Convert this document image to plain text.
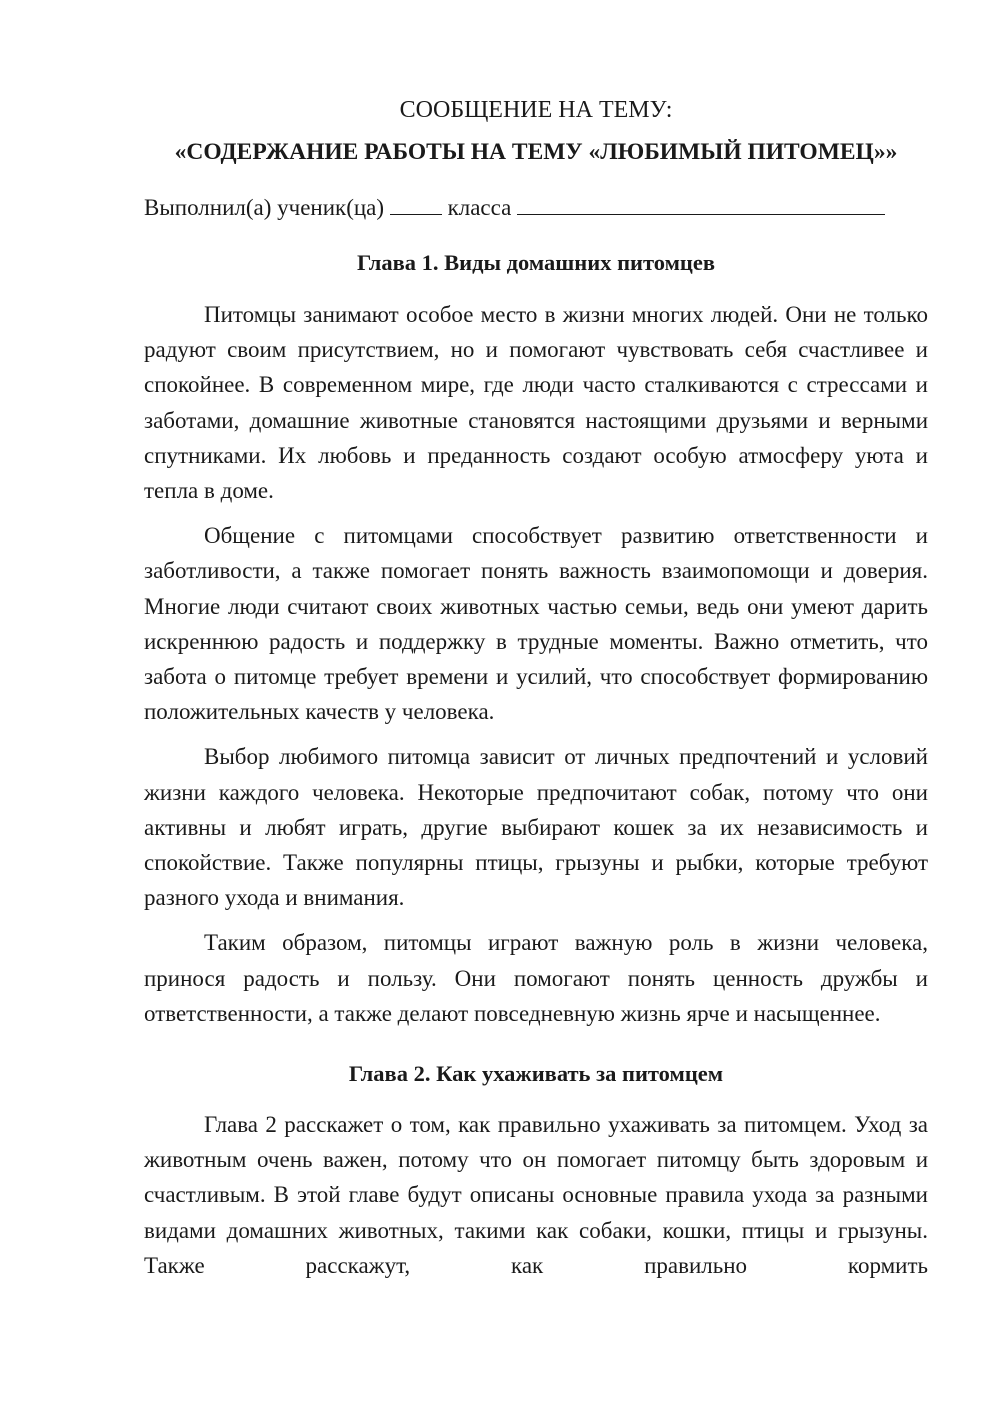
СООБЩЕНИЕ НА ТЕМУ:
«СОДЕРЖАНИЕ РАБОТЫ НА ТЕМУ «ЛЮБИМЫЙ ПИТОМЕЦ»»
Выполнил(а) ученик(ца)	класса
Глава 1. Виды домашних питомцев

Питомцы занимают особое место в жизни многих людей. Они не только радуют своим присутствием, но и помогают чувствовать себя счастливее и спокойнее. В современном мире, где люди часто сталкиваются с стрессами и заботами, домашние животные становятся настоящими друзьями и верными спутниками. Их любовь и преданность создают особую атмосферу уюта и тепла в доме.

Общение с питомцами способствует развитию ответственности и заботливости, а также помогает понять важность взаимопомощи и доверия. Многие люди считают своих животных частью семьи, ведь они умеют дарить искреннюю радость и поддержку в трудные моменты. Важно отметить, что забота о питомце требует времени и усилий, что способствует формированию положительных качеств у человека.

Выбор любимого питомца зависит от личных предпочтений и условий жизни каждого человека. Некоторые предпочитают собак, потому что они активны и любят играть, другие выбирают кошек за их независимость и спокойствие. Также популярны птицы, грызуны и рыбки, которые требуют разного ухода и внимания.

Таким образом, питомцы играют важную роль в жизни человека, принося радость и пользу. Они помогают понять ценность дружбы и ответственности, а также делают повседневную жизнь ярче и насыщеннее.

Глава 2. Как ухаживать за питомцем

Глава 2 расскажет о том, как правильно ухаживать за питомцем. Уход за животным очень важен, потому что он помогает питомцу быть здоровым и счастливым. В этой главе будут описаны основные правила ухода за разными видами домашних животных, такими как собаки, кошки, птицы и грызуны. Также расскажут, как правильно кормить
